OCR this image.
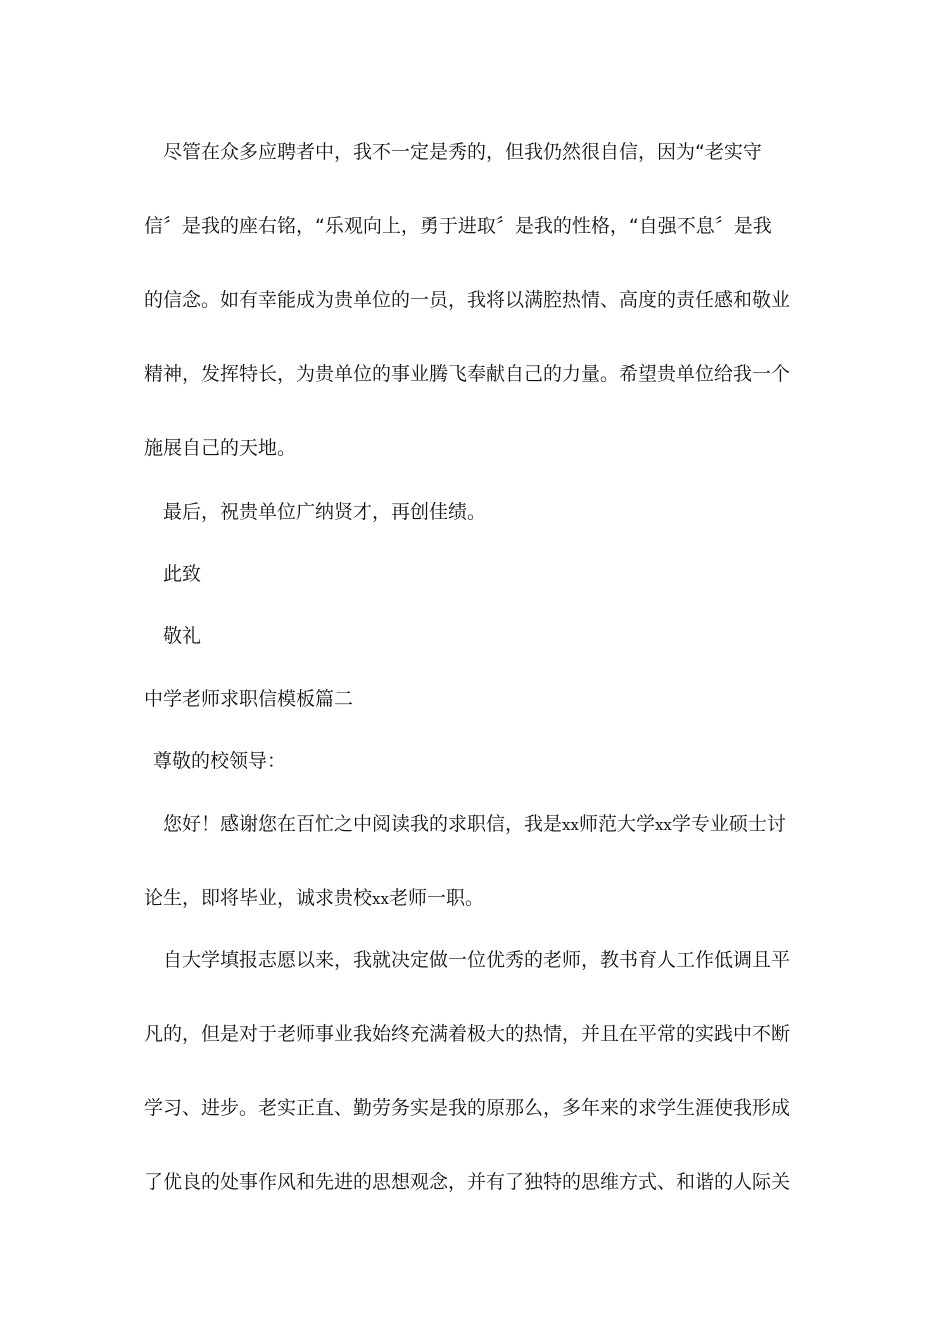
尽管在众多应聘者中，我不一定是秀的，但我仍然很自信，因为“老实守
信〞是我的座右铭，“乐观向上，勇于进取〞是我的性格，“自强不息〞是我
的信念。如有幸能成为贵单位的一员，我将以满腔热情、高度的责任感和敬业
精神，发挥特长，为贵单位的事业腾飞奉献自己的力量。希望贵单位给我一个
施展自己的天地。
最后，祝贵单位广纳贤才，再创佳绩。
此致
敬礼
中学老师求职信模板篇二
尊敬的校领导：
您好！感谢您在百忙之中阅读我的求职信，我是xx师范大学xx学专业硕士讨
论生，即将毕业，诚求贵校xx老师一职。
自大学填报志愿以来，我就决定做一位优秀的老师，教书育人工作低调且平
凡的，但是对于老师事业我始终充满着极大的热情，并且在平常的实践中不断
学习、进步。老实正直、勤劳务实是我的原那么，多年来的求学生涯使我形成
了优良的处事作风和先进的思想观念，并有了独特的思维方式、和谐的人际关
